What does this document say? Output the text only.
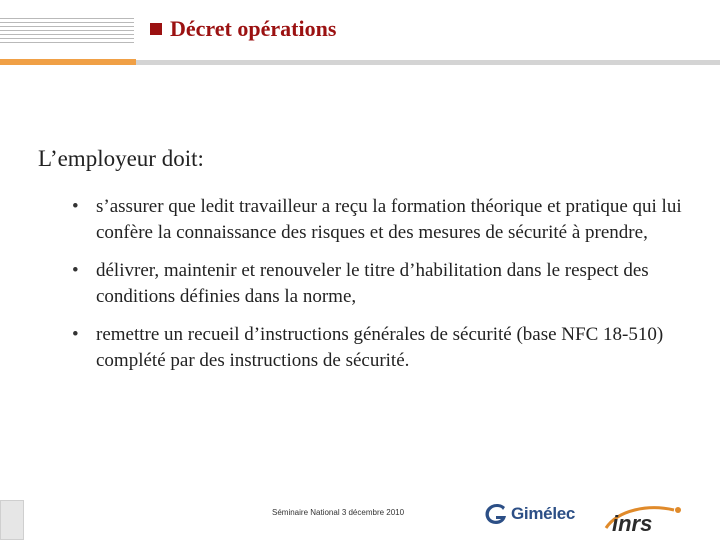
Décret opérations
L’employeur doit:
• s’assurer que ledit travailleur a reçu la formation théorique et pratique qui lui confère la connaissance des risques et des mesures de sécurité à prendre,
• délivrer, maintenir et renouveler le titre d’habilitation dans le respect des conditions définies dans la norme,
• remettre un recueil d’instructions générales de sécurité (base NFC 18-510) complété par des instructions de sécurité.
Séminaire National 3 décembre 2010	Gimélec inrs
